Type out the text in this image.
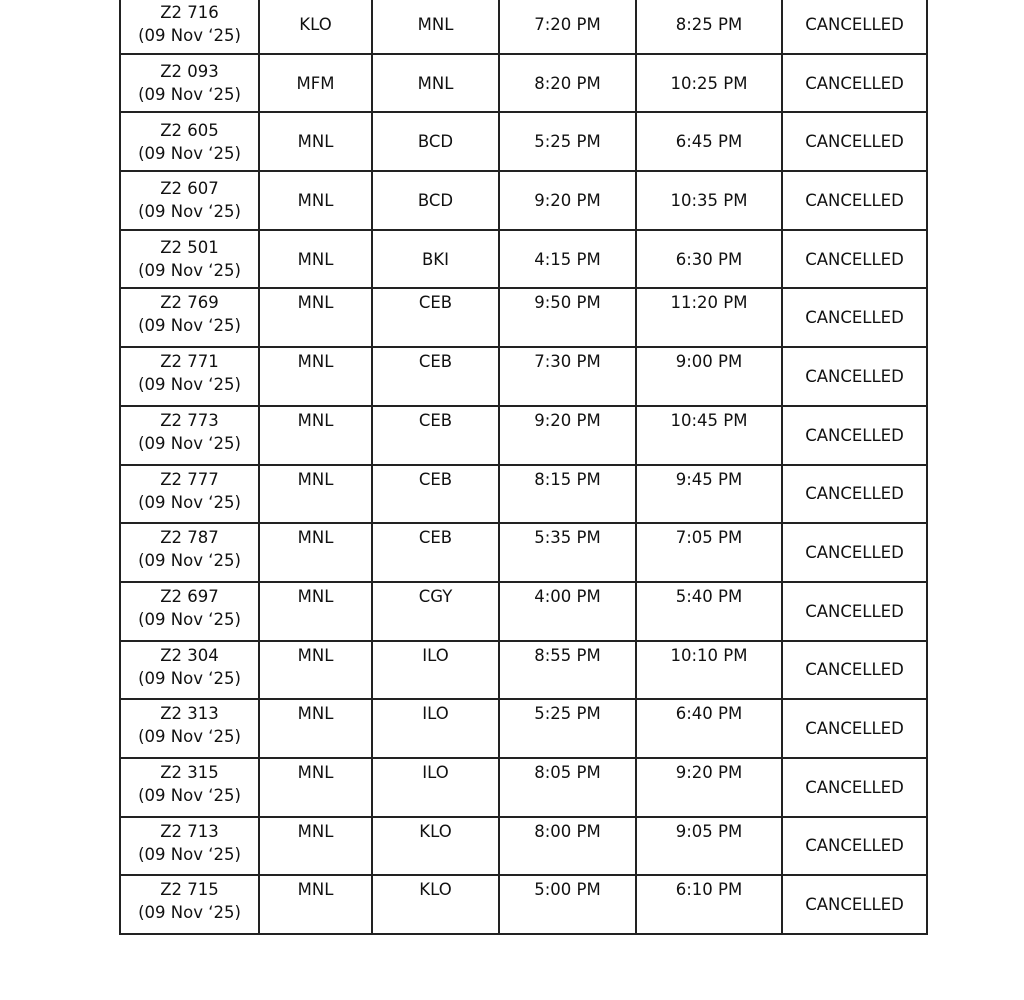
Z2 716
(09 Nov ‘25)	KLO	MNL	7:20 PM	8:25 PM	CANCELLED

Z2 093
(09 Nov ‘25)	MFM	MNL	8:20 PM	10:25 PM	CANCELLED

Z2 605
(09 Nov ‘25)	MNL	BCD	5:25 PM	6:45 PM	CANCELLED

Z2 607
(09 Nov ‘25)	MNL	BCD	9:20 PM	10:35 PM	CANCELLED

Z2 501
(09 Nov ‘25)	MNL	BKI	4:15 PM	6:30 PM	CANCELLED

Z2 769
(09 Nov ‘25)	MNL	CEB	9:50 PM	11:20 PM	CANCELLED

Z2 771
(09 Nov ‘25)	MNL	CEB	7:30 PM	9:00 PM	CANCELLED

Z2 773
(09 Nov ‘25)	MNL	CEB	9:20 PM	10:45 PM	CANCELLED

Z2 777
(09 Nov ‘25)	MNL	CEB	8:15 PM	9:45 PM	CANCELLED

Z2 787
(09 Nov ‘25)	MNL	CEB	5:35 PM	7:05 PM	CANCELLED

Z2 697
(09 Nov ‘25)	MNL	CGY	4:00 PM	5:40 PM	CANCELLED

Z2 304
(09 Nov ‘25)	MNL	ILO	8:55 PM	10:10 PM	CANCELLED

Z2 313
(09 Nov ‘25)	MNL	ILO	5:25 PM	6:40 PM	CANCELLED

Z2 315
(09 Nov ‘25)	MNL	ILO	8:05 PM	9:20 PM	CANCELLED

Z2 713
(09 Nov ‘25)	MNL	KLO	8:00 PM	9:05 PM	CANCELLED

Z2 715
(09 Nov ‘25)	MNL	KLO	5:00 PM	6:10 PM	CANCELLED
